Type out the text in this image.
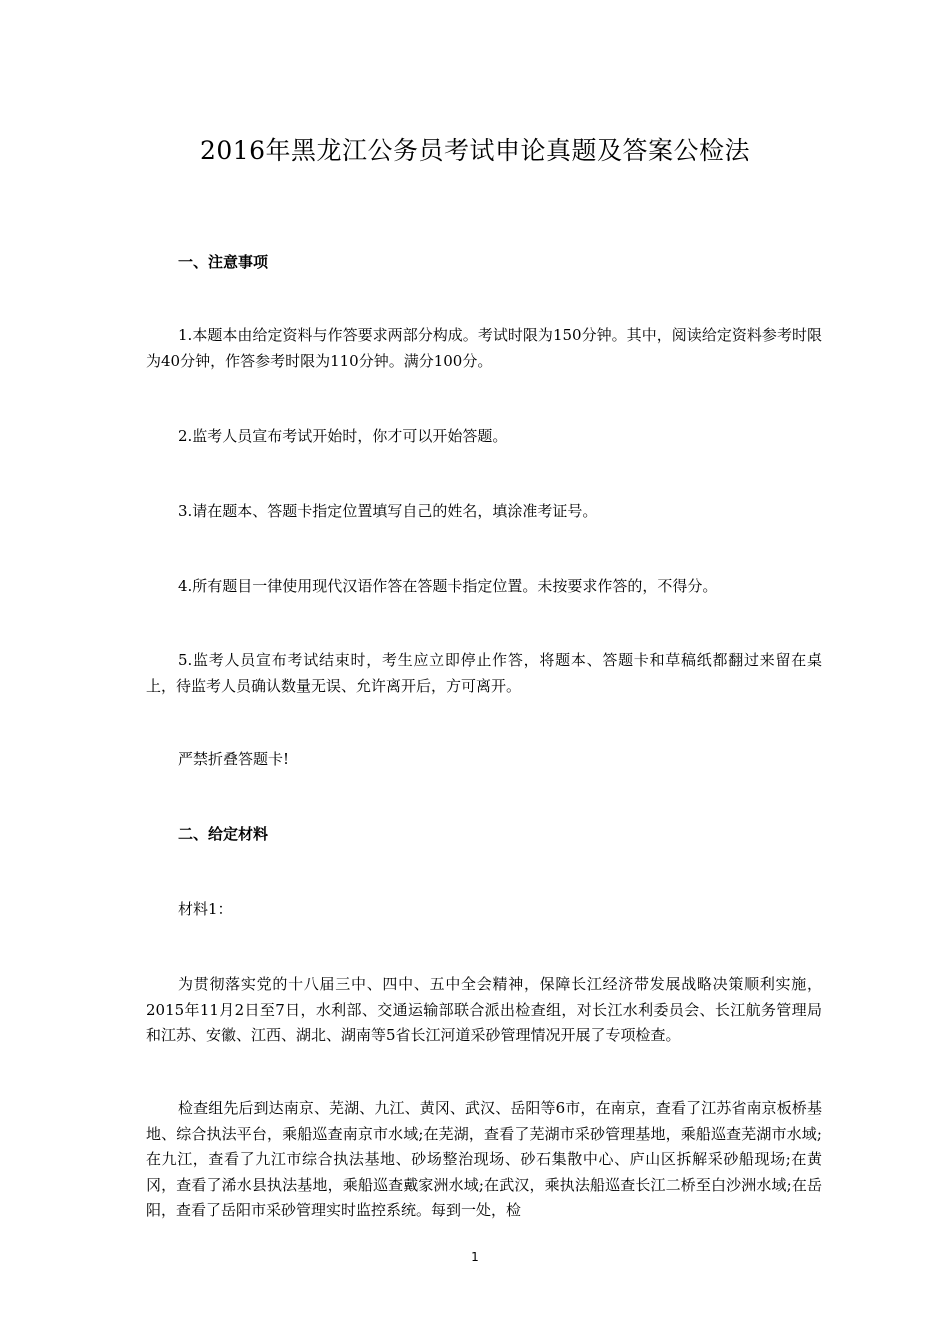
2016年黑龙江公务员考试申论真题及答案公检法
一、注意事项

1.本题本由给定资料与作答要求两部分构成。考试时限为150分钟。其中，阅读给定资料参考时限为40分钟，作答参考时限为110分钟。满分100分。

2.监考人员宣布考试开始时，你才可以开始答题。

3.请在题本、答题卡指定位置填写自己的姓名，填涂准考证号。

4.所有题目一律使用现代汉语作答在答题卡指定位置。未按要求作答的，不得分。

5.监考人员宣布考试结束时，考生应立即停止作答，将题本、答题卡和草稿纸都翻过来留在桌上，待监考人员确认数量无误、允许离开后，方可离开。

严禁折叠答题卡!

二、给定材料

材料1：

为贯彻落实党的十八届三中、四中、五中全会精神，保障长江经济带发展战略决策顺利实施，2015年11月2日至7日，水利部、交通运输部联合派出检查组，对长江水利委员会、长江航务管理局和江苏、安徽、江西、湖北、湖南等5省长江河道采砂管理情况开展了专项检查。

检查组先后到达南京、芜湖、九江、黄冈、武汉、岳阳等6市，在南京，查看了江苏省南京板桥基地、综合执法平台，乘船巡查南京市水域;在芜湖，查看了芜湖市采砂管理基地，乘船巡查芜湖市水域;在九江，查看了九江市综合执法基地、砂场整治现场、砂石集散中心、庐山区拆解采砂船现场;在黄冈，查看了浠水县执法基地，乘船巡查戴家洲水域;在武汉，乘执法船巡查长江二桥至白沙洲水域;在岳阳，查看了岳阳市采砂管理实时监控系统。每到一处，检

1
